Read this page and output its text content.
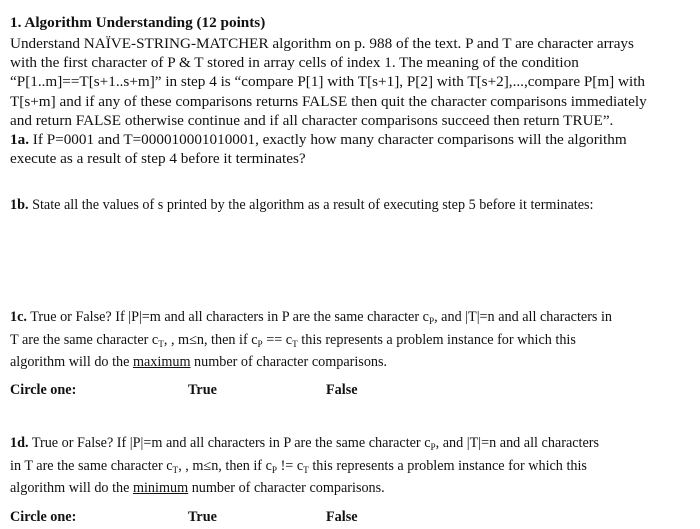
1. Algorithm Understanding (12 points)
Understand NAÏVE-STRING-MATCHER algorithm on p. 988 of the text. P and T are character arrays
with the first character of P & T stored in array cells of index 1. The meaning of the condition
“P[1..m]==T[s+1..s+m]” in step 4 is “compare P[1] with T[s+1], P[2] with T[s+2],...,compare P[m] with
T[s+m] and if any of these comparisons returns FALSE then quit the character comparisons immediately
and return FALSE otherwise continue and if all character comparisons succeed then return TRUE”.
1a. If P=0001 and T=000010001010001, exactly how many character comparisons will the algorithm
execute as a result of step 4 before it terminates?
1b. State all the values of s printed by the algorithm as a result of executing step 5 before it terminates:
1c. True or False? If |P|=m and all characters in P are the same character $c_P$, and |T|=n and all characters in
T are the same character $c_T$, , m≤n, then if $c_P == c_T$ this represents a problem instance for which this
algorithm will do the maximum number of character comparisons.
Circle one:	True	False
1d. True or False? If |P|=m and all characters in P are the same character $c_P$, and |T|=n and all characters
in T are the same character $c_T$, , m≤n, then if $c_P$ != $c_T$ this represents a problem instance for which this
algorithm will do the minimum number of character comparisons.
Circle one:	True	False
